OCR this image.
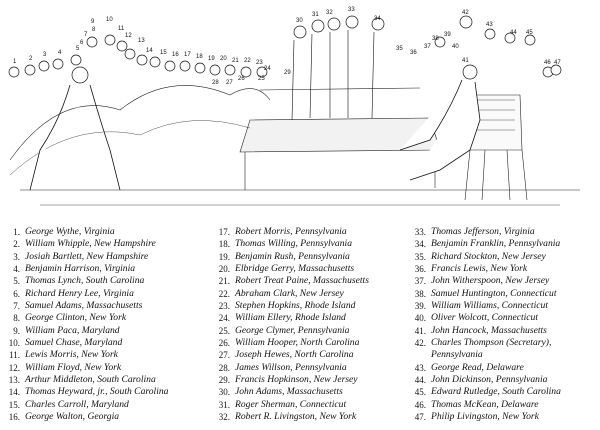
1 2
3 4
5
6
7
8
9 10
11
12
13
14 15 16 17 18 19 20 21 22 23
24
25
26
27
28
29
30
31 32	33
34
35
36
37
38
39
40
41
42
43
44 45
46 47
1. George Wythe, Virginia
2. William Whipple, New Hampshire
3. Josiah Bartlett, New Hampshire
4. Benjamin Harrison, Virginia
5. Thomas Lynch, South Carolina
6. Richard Henry Lee, Virginia
7. Samuel Adams, Massachusetts
8. George Clinton, New York
9. William Paca, Maryland
10. Samuel Chase, Maryland
11. Lewis Morris, New York
12. William Floyd, New York
13. Arthur Middleton, South Carolina
14. Thomas Heyward, jr., South Carolina
15. Charles Carroll, Maryland
16. George Walton, Georgia
17. Robert Morris, Pennsylvania
18. Thomas Willing, Pennsylvania
19. Benjamin Rush, Pennsylvania
20. Elbridge Gerry, Massachusetts
21. Robert Treat Paine, Massachusetts
22. Abraham Clark, New Jersey
23. Stephen Hopkins, Rhode Island
24. William Ellery, Rhode Island
25. George Clymer, Pennsylvania
26. William Hooper, North Carolina
27. Joseph Hewes, North Carolina
28. James Willson, Pennsylvania
29. Francis Hopkinson, New Jersey
30. John Adams, Massachusetts
31. Roger Sherman, Connecticut
32. Robert R. Livingston, New York
33. Thomas Jefferson, Virginia
34. Benjamin Franklin, Pennsylvania
35. Richard Stockton, New Jersey
36. Francis Lewis, New York
37. John Witherspoon, New Jersey
38. Samuel Huntington, Connecticut
39. William Williams, Connecticut
40. Oliver Wolcott, Connecticut
41. John Hancock, Massachusetts
42. Charles Thompson (Secretary),
Pennsylvania
43. George Read, Delaware
44. John Dickinson, Pennsylvania
45. Edward Rutledge, South Carolina
46. Thomas McKean, Delaware
47. Philip Livingston, New York
